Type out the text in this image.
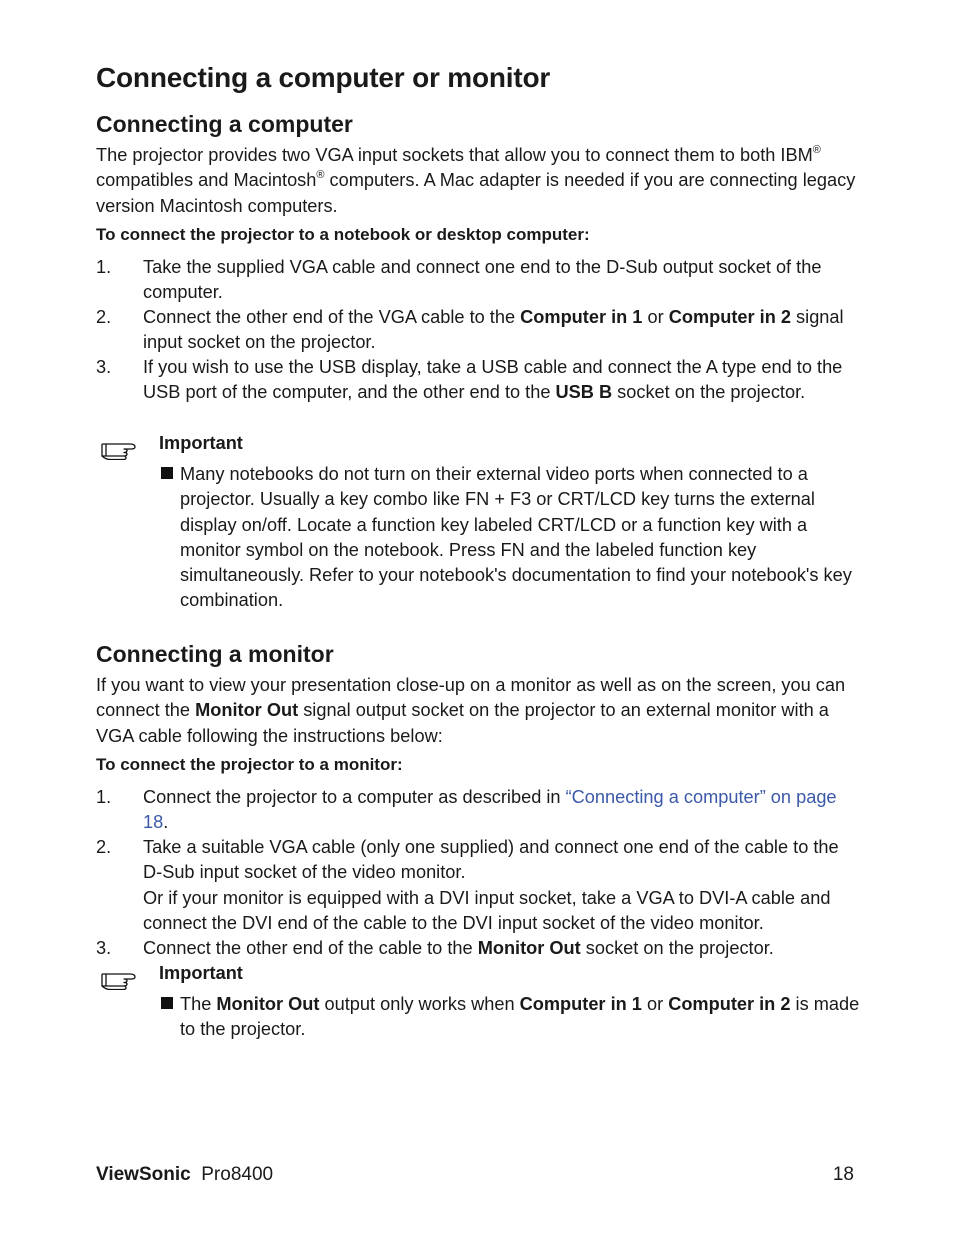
Connecting a computer or monitor
Connecting a computer
The projector provides two VGA input sockets that allow you to connect them to both IBM® compatibles and Macintosh® computers. A Mac adapter is needed if you are connecting legacy version Macintosh computers.
To connect the projector to a notebook or desktop computer:
1. Take the supplied VGA cable and connect one end to the D-Sub output socket of the computer.
2. Connect the other end of the VGA cable to the Computer in 1 or Computer in 2 signal input socket on the projector.
3. If you wish to use the USB display, take a USB cable and connect the A type end to the USB port of the computer, and the other end to the USB B socket on the projector.
Important
Many notebooks do not turn on their external video ports when connected to a projector. Usually a key combo like FN + F3 or CRT/LCD key turns the external display on/off. Locate a function key labeled CRT/LCD or a function key with a monitor symbol on the notebook. Press FN and the labeled function key simultaneously. Refer to your notebook's documentation to find your notebook's key combination.
Connecting a monitor
If you want to view your presentation close-up on a monitor as well as on the screen, you can connect the Monitor Out signal output socket on the projector to an external monitor with a VGA cable following the instructions below:
To connect the projector to a monitor:
1. Connect the projector to a computer as described in “Connecting a computer” on page 18.
2. Take a suitable VGA cable (only one supplied) and connect one end of the cable to the D-Sub input socket of the video monitor.
Or if your monitor is equipped with a DVI input socket, take a VGA to DVI-A cable and connect the DVI end of the cable to the DVI input socket of the video monitor.
3. Connect the other end of the cable to the Monitor Out socket on the projector.
Important
The Monitor Out output only works when Computer in 1 or Computer in 2 is made to the projector.
ViewSonic Pro8400	18
